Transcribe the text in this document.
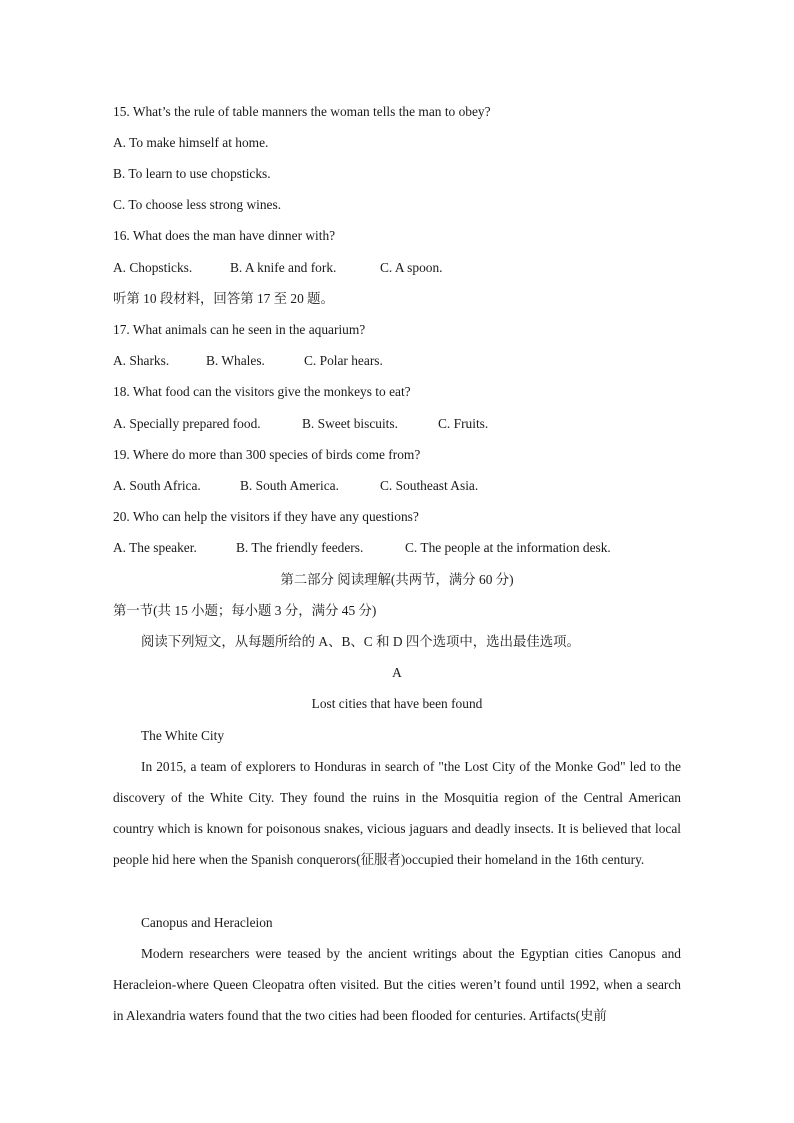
15. What’s the rule of table manners the woman tells the man to obey?
A. To make himself at home.
B. To learn to use chopsticks.
C. To choose less strong wines.
16. What does the man have dinner with?
A. Chopsticks.	B. A knife and fork.	C. A spoon.
听第 10 段材料，回答第 17 至 20 题。
17. What animals can he seen in the aquarium?
A. Sharks.	B. Whales.	C. Polar hears.
18. What food can the visitors give the monkeys to eat?
A. Specially prepared food.	B. Sweet biscuits.	C. Fruits.
19. Where do more than 300 species of birds come from?
A. South Africa.	B. South America.	C. Southeast Asia.
20. Who can help the visitors if they have any questions?
A. The speaker.	B. The friendly feeders.	C. The people at the information desk.
第二部分 阅读理解(共两节，满分 60 分)
第一节(共 15 小题；每小题 3 分，满分 45 分)
阅读下列短文，从每题所给的 A、B、C 和 D 四个选项中，选出最佳选项。
A
Lost cities that have been found
The White City
In 2015, a team of explorers to Honduras in search of "the Lost City of the Monke God" led to the discovery of the White City. They found the ruins in the Mosquitia region of the Central American country which is known for poisonous snakes, vicious jaguars and deadly insects. It is believed that local people hid here when the Spanish conquerors(征服者)occupied their homeland in the 16th century.
Canopus and Heracleion
Modern researchers were teased by the ancient writings about the Egyptian cities Canopus and Heracleion-where Queen Cleopatra often visited. But the cities weren’t found until 1992, when a search in Alexandria waters found that the two cities had been flooded for centuries. Artifacts(史前
